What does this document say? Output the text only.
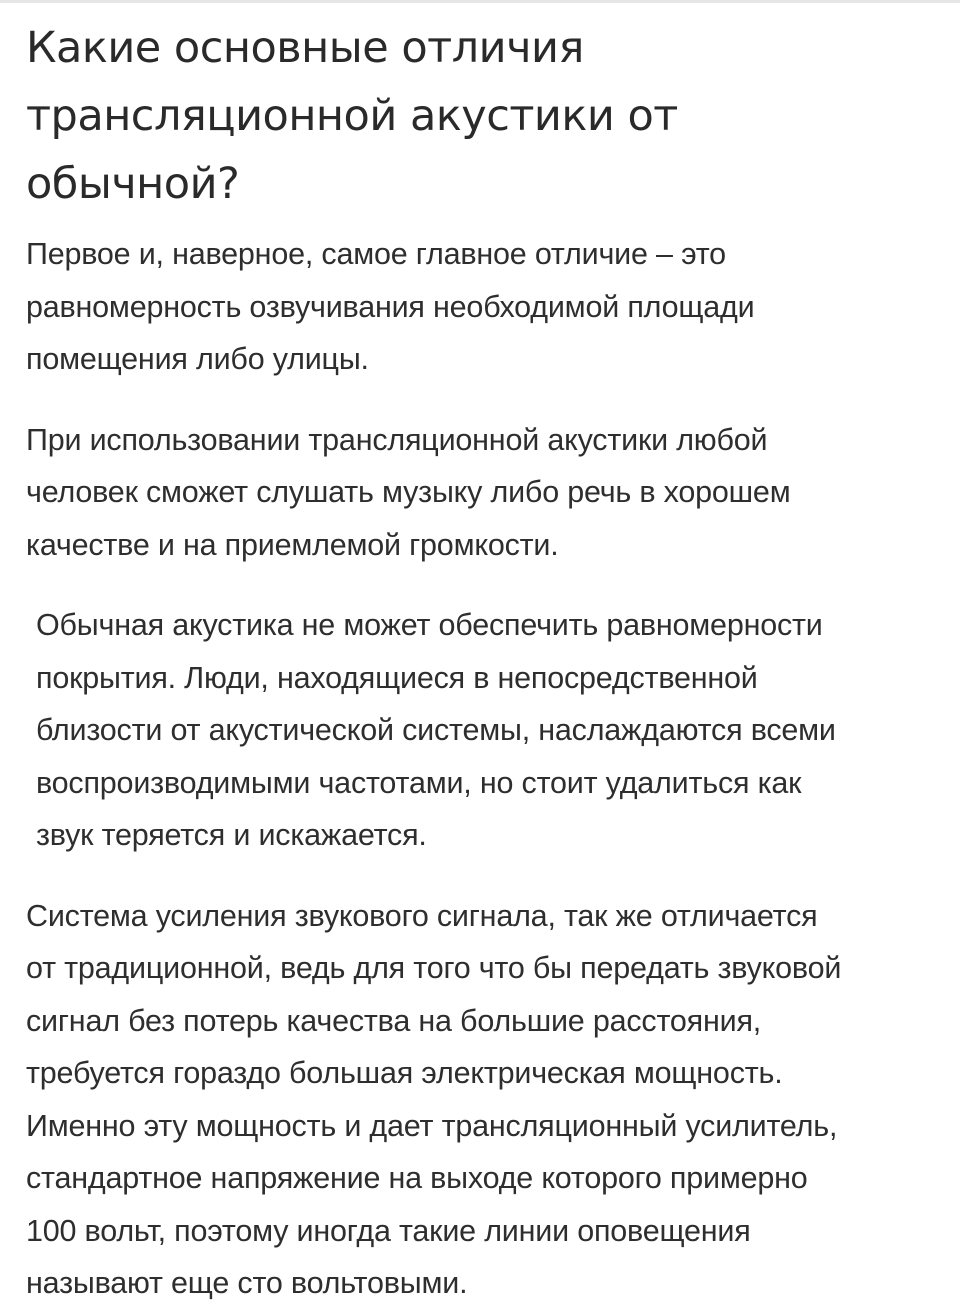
Какие основные отличия трансляционной акустики от обычной?

Первое и, наверное, самое главное отличие – это
равномерность озвучивания необходимой площади
помещения либо улицы.

При использовании трансляционной акустики любой
человек сможет слушать музыку либо речь в хорошем
качестве и на приемлемой громкости.

Обычная акустика не может обеспечить равномерности
покрытия. Люди, находящиеся в непосредственной
близости от акустической системы, наслаждаются всеми
воспроизводимыми частотами, но стоит удалиться как
звук теряется и искажается.

Система усиления звукового сигнала, так же отличается
от традиционной, ведь для того что бы передать звуковой
сигнал без потерь качества на большие расстояния,
требуется гораздо большая электрическая мощность.
Именно эту мощность и дает трансляционный усилитель,
стандартное напряжение на выходе которого примерно
100 вольт, поэтому иногда такие линии оповещения
называют еще сто вольтовыми.
